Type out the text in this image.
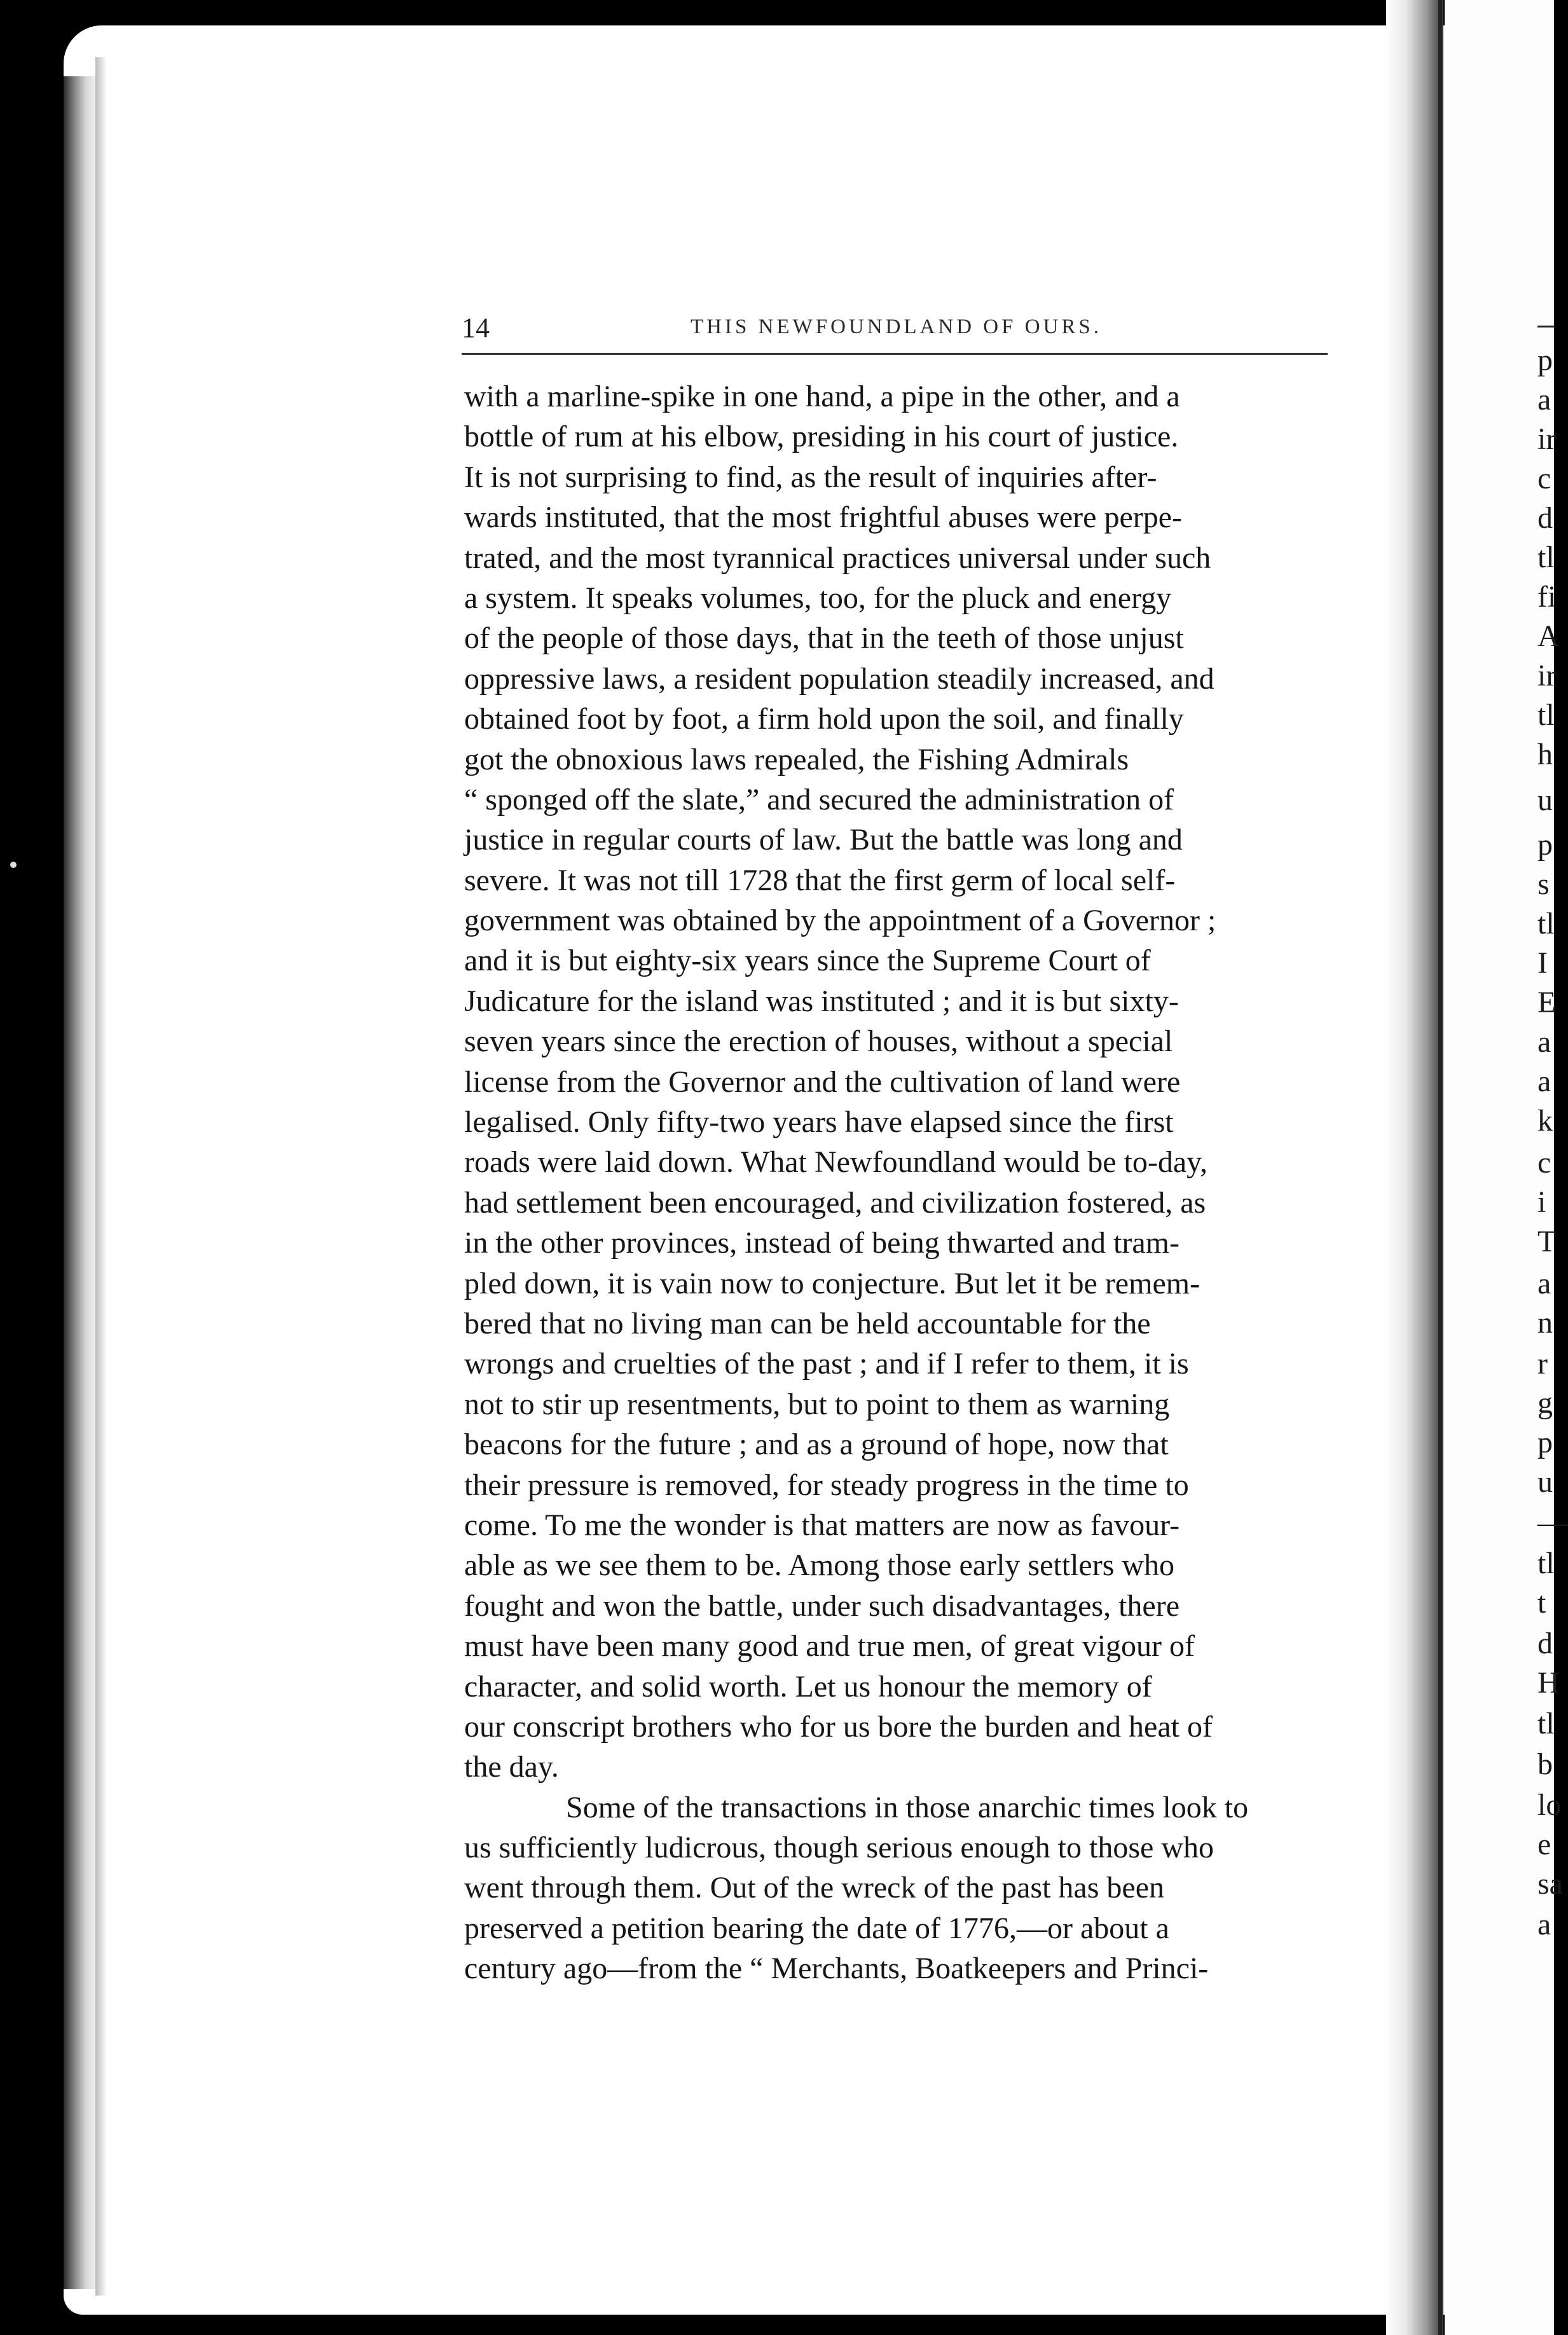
14	THIS NEWFOUNDLAND OF OURS.
with a marline-spike in one hand, a pipe in the other, and a
bottle of rum at his elbow, presiding in his court of justice.
It is not surprising to find, as the result of inquiries after-
wards instituted, that the most frightful abuses were perpe-
trated, and the most tyrannical practices universal under such
a system. It speaks volumes, too, for the pluck and energy
of the people of those days, that in the teeth of those unjust
oppressive laws, a resident population steadily increased, and
obtained foot by foot, a firm hold upon the soil, and finally
got the obnoxious laws repealed, the Fishing Admirals
“ sponged off the slate,” and secured the administration of
justice in regular courts of law. But the battle was long and
severe. It was not till 1728 that the first germ of local self-
government was obtained by the appointment of a Governor ;
and it is but eighty-six years since the Supreme Court of
Judicature for the island was instituted ; and it is but sixty-
seven years since the erection of houses, without a special
license from the Governor and the cultivation of land were
legalised. Only fifty-two years have elapsed since the first
roads were laid down. What Newfoundland would be to-day,
had settlement been encouraged, and civilization fostered, as
in the other provinces, instead of being thwarted and tram-
pled down, it is vain now to conjecture. But let it be remem-
bered that no living man can be held accountable for the
wrongs and cruelties of the past ; and if I refer to them, it is
not to stir up resentments, but to point to them as warning
beacons for the future ; and as a ground of hope, now that
their pressure is removed, for steady progress in the time to
come. To me the wonder is that matters are now as favour-
able as we see them to be. Among those early settlers who
fought and won the battle, under such disadvantages, there
must have been many good and true men, of great vigour of
character, and solid worth. Let us honour the memory of
our conscript brothers who for us bore the burden and heat of
the day.
Some of the transactions in those anarchic times look to
us sufficiently ludicrous, though serious enough to those who
went through them. Out of the wreck of the past has been
preserved a petition bearing the date of 1776,—or about a
century ago—from the “ Merchants, Boatkeepers and Princi-
p
a
ir
c
d
tl
fi
A
ir
tl
h
u
p
s
tl
I
E
a
a
k
c
i
T
a
n
r
g
p
u
—
tl
t
d
H
tl
b
lo
e
sa
a
